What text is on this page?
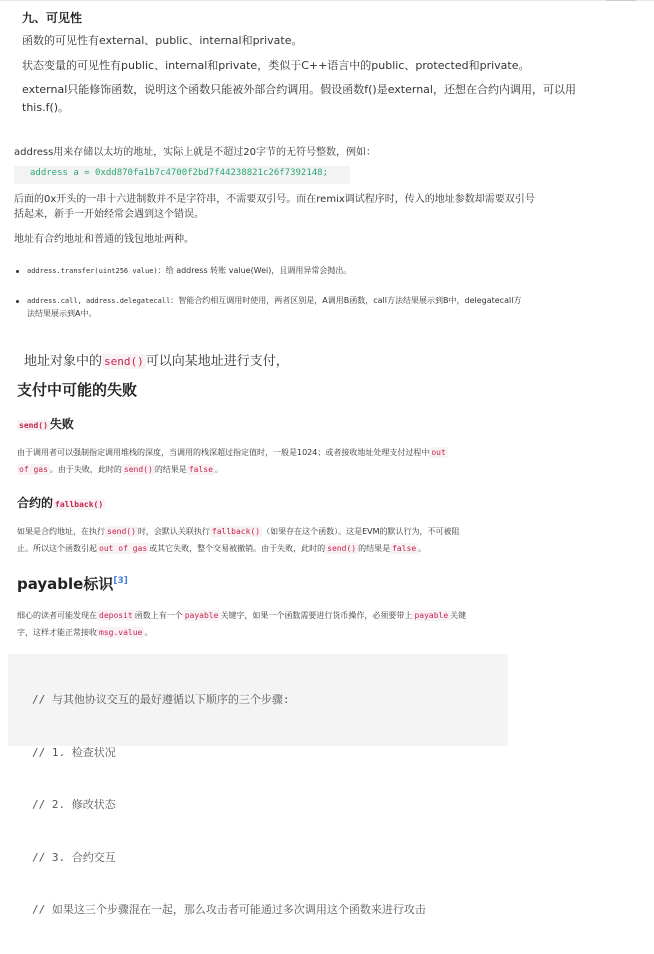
九、可见性
函数的可见性有external、public、internal和private。
状态变量的可见性有public、internal和private，类似于C++语言中的public、protected和private。
external只能修饰函数，说明这个函数只能被外部合约调用。假设函数f()是external，还想在合约内调用，可以用
this.f()。
address用来存储以太坊的地址，实际上就是不超过20字节的无符号整数，例如：
address a = 0xdd870fa1b7c4700f2bd7f44238821c26f7392148;
后面的0x开头的一串十六进制数并不是字符串，不需要双引号。而在remix调试程序时，传入的地址参数却需要双引号
括起来，新手一开始经常会遇到这个错误。
地址有合约地址和普通的钱包地址两种。
address.transfer(uint256 value)：给 address 转账 value(Wei)，且调用异常会抛出。
address.call, address.delegatecall：智能合约相互调用时使用，两者区别是，A调用B函数，call方法结果展示到B中，delegatecall方
法结果展示到A中。
地址对象中的 send() 可以向某地址进行支付，
支付中可能的失败
send() 失败
由于调用者可以强制指定调用堆栈的深度，当调用的栈深超过指定值时，一般是1024；或者接收地址处理支付过程中 out
of gas 。由于失败，此时的 send() 的结果是 false 。
合约的 fallback()
如果是合约地址，在执行 send() 时，会默认关联执行 fallback() （如果存在这个函数）。这是EVM的默认行为，不可被阻
止。所以这个函数引起 out of gas 或其它失败，整个交易被撤销。由于失败，此时的 send() 的结果是 false 。
payable标识[3]
细心的读者可能发现在 deposit 函数上有一个 payable 关键字，如果一个函数需要进行货币操作，必须要带上 payable 关键
字，这样才能正常接收 msg.value 。

// 与其他协议交互的最好遵循以下顺序的三个步骤:

// 1. 检查状况

// 2. 修改状态

// 3. 合约交互

// 如果这三个步骤混在一起，那么攻击者可能通过多次调用这个函数来进行攻击
